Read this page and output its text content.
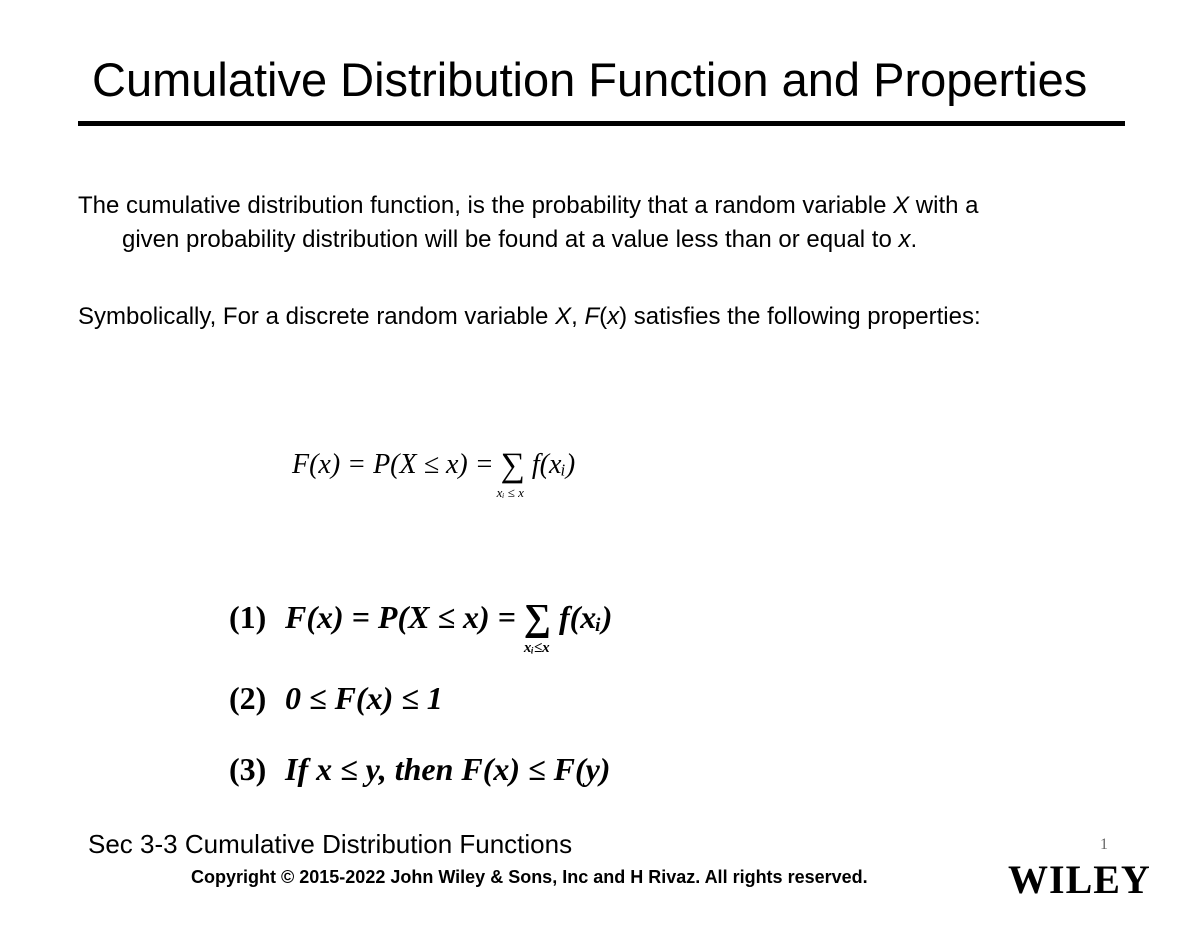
Cumulative Distribution Function and Properties
The cumulative distribution function, is the probability that a random variable X with a
given probability distribution will be found at a value less than or equal to x.
Symbolically, For a discrete random variable X, F(x) satisfies the following properties:
F(x) = P(X ≤ x) = ∑
xᵢ ≤ x
f(xᵢ)
(1) F(x) = P(X ≤ x) = ∑
xᵢ≤x
f(xᵢ)
(2) 0 ≤ F(x) ≤ 1
(3) If x ≤ y, then F(x) ≤ F(y)
Sec 3-3 Cumulative Distribution Functions
Copyright © 2015-2022 John Wiley & Sons, Inc and H Rivaz. All rights reserved.
1
WILEY
